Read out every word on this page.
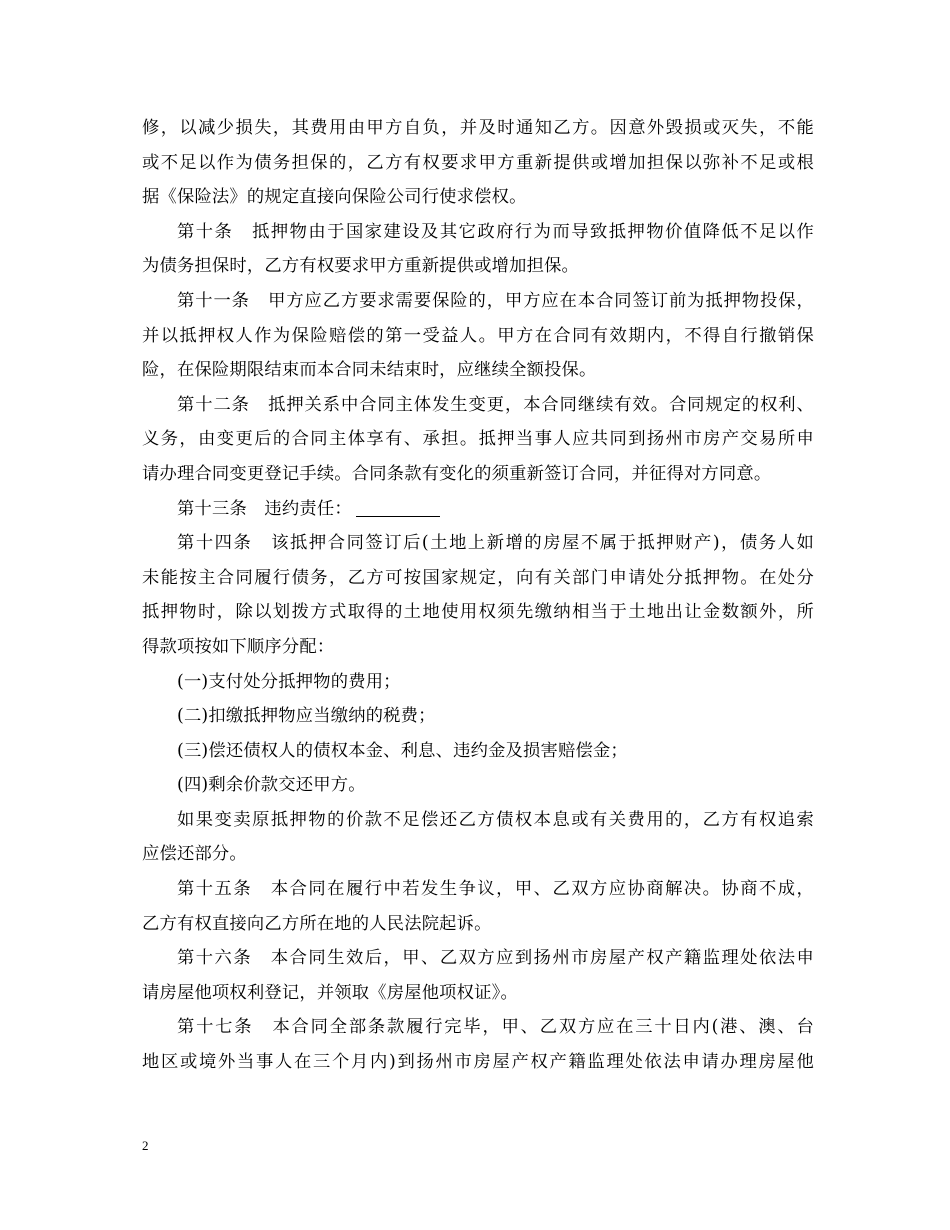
修，以减少损失，其费用由甲方自负，并及时通知乙方。因意外毁损或灭失，不能
或不足以作为债务担保的，乙方有权要求甲方重新提供或增加担保以弥补不足或根
据《保险法》的规定直接向保险公司行使求偿权。
第十条　抵押物由于国家建设及其它政府行为而导致抵押物价值降低不足以作
为债务担保时，乙方有权要求甲方重新提供或增加担保。
第十一条　甲方应乙方要求需要保险的，甲方应在本合同签订前为抵押物投保，
并以抵押权人作为保险赔偿的第一受益人。甲方在合同有效期内，不得自行撤销保
险，在保险期限结束而本合同未结束时，应继续全额投保。
第十二条　抵押关系中合同主体发生变更，本合同继续有效。合同规定的权利、
义务，由变更后的合同主体享有、承担。抵押当事人应共同到扬州市房产交易所申
请办理合同变更登记手续。合同条款有变化的须重新签订合同，并征得对方同意。
第十三条　违约责任：
第十四条　该抵押合同签订后(土地上新增的房屋不属于抵押财产)，债务人如
未能按主合同履行债务，乙方可按国家规定，向有关部门申请处分抵押物。在处分
抵押物时，除以划拨方式取得的土地使用权须先缴纳相当于土地出让金数额外，所
得款项按如下顺序分配：
(一)支付处分抵押物的费用；
(二)扣缴抵押物应当缴纳的税费；
(三)偿还债权人的债权本金、利息、违约金及损害赔偿金；
(四)剩余价款交还甲方。
如果变卖原抵押物的价款不足偿还乙方债权本息或有关费用的，乙方有权追索
应偿还部分。
第十五条　本合同在履行中若发生争议，甲、乙双方应协商解决。协商不成，
乙方有权直接向乙方所在地的人民法院起诉。
第十六条　本合同生效后，甲、乙双方应到扬州市房屋产权产籍监理处依法申
请房屋他项权利登记，并领取《房屋他项权证》。
第十七条　本合同全部条款履行完毕，甲、乙双方应在三十日内(港、澳、台
地区或境外当事人在三个月内)到扬州市房屋产权产籍监理处依法申请办理房屋他
2
